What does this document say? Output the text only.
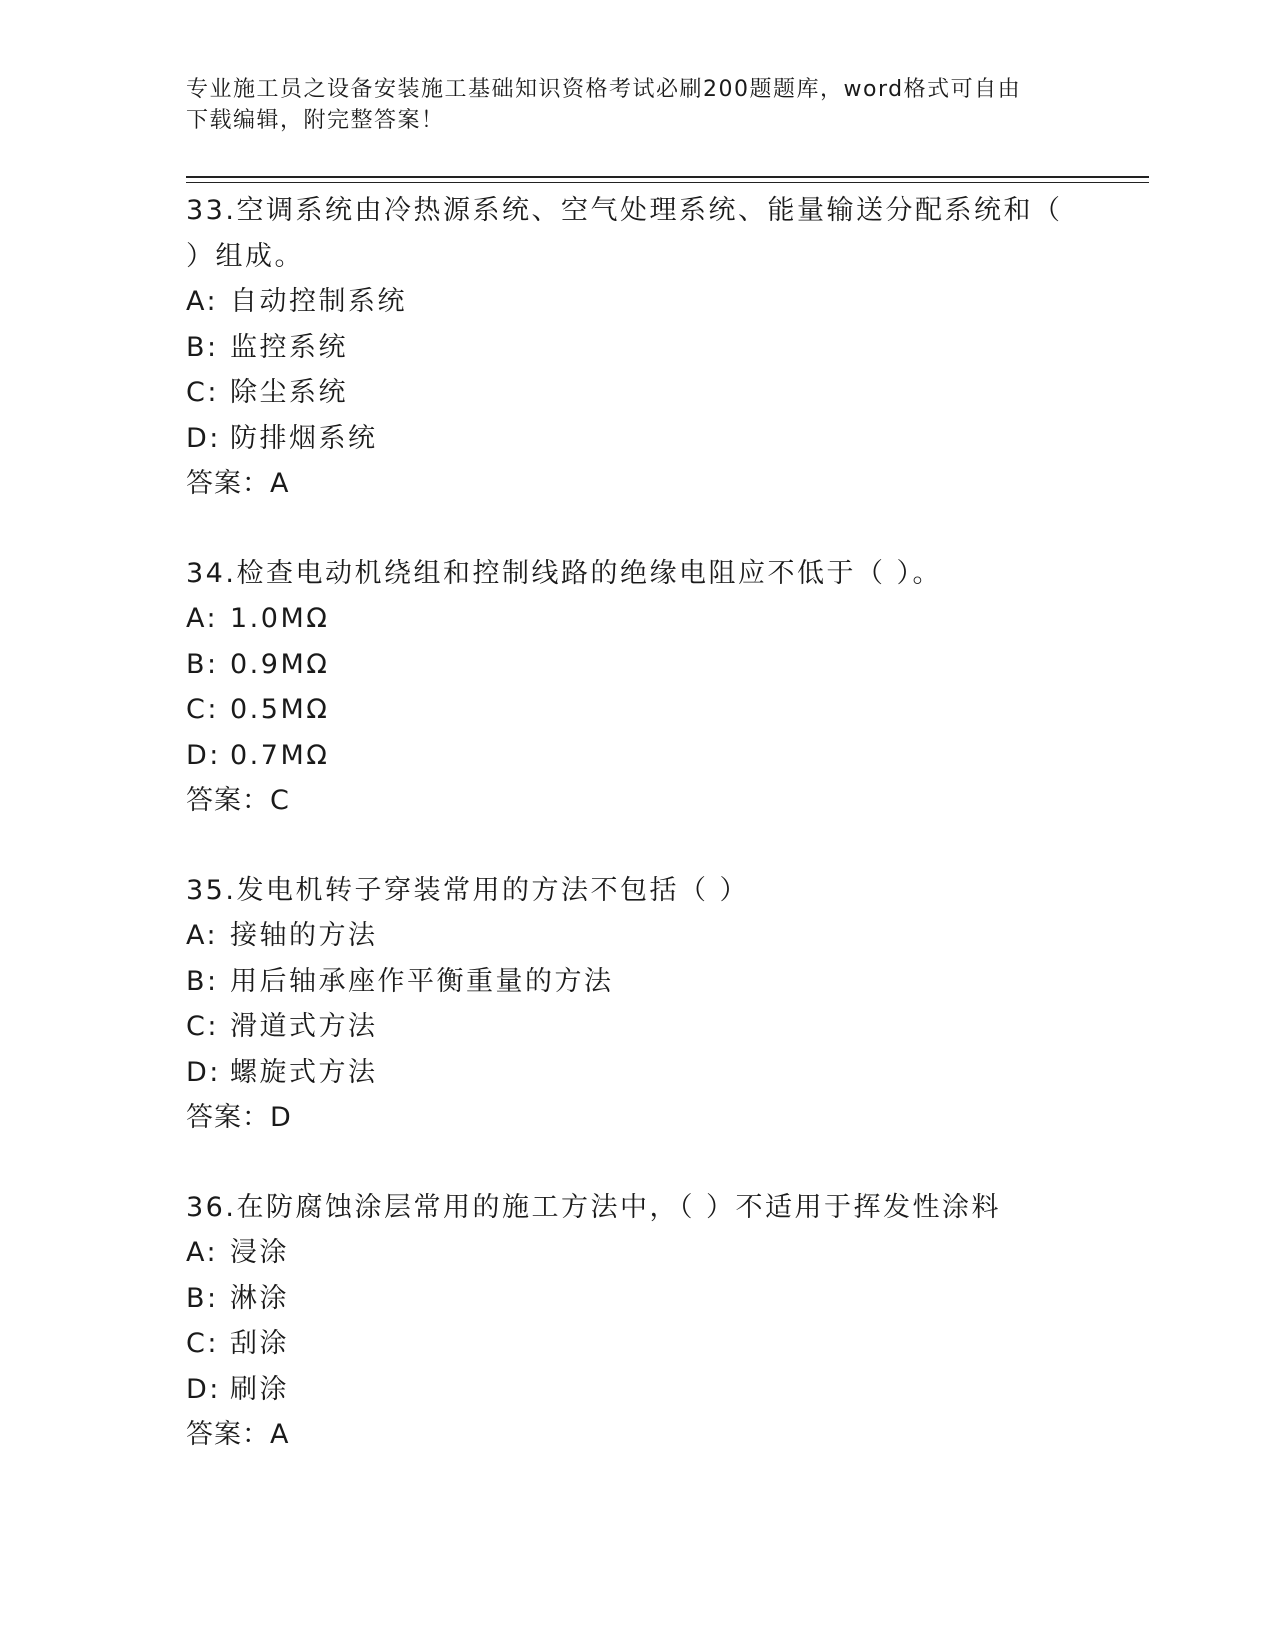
专业施工员之设备安装施工基础知识资格考试必刷200题题库，word格式可自由
下载编辑，附完整答案！

33.空调系统由冷热源系统、空气处理系统、能量输送分配系统和（

）组成。

A: 自动控制系统
B: 监控系统
C: 除尘系统
D: 防排烟系统
答案：A

34.检查电动机绕组和控制线路的绝缘电阻应不低于（ ）。

A: 1.0MΩ
B: 0.9MΩ
C: 0.5MΩ
D: 0.7MΩ
答案：C

35.发电机转子穿装常用的方法不包括（ ）

A: 接轴的方法
B: 用后轴承座作平衡重量的方法
C: 滑道式方法
D: 螺旋式方法
答案：D

36.在防腐蚀涂层常用的施工方法中，（ ）不适用于挥发性涂料

A: 浸涂
B: 淋涂
C: 刮涂
D: 刷涂
答案：A
